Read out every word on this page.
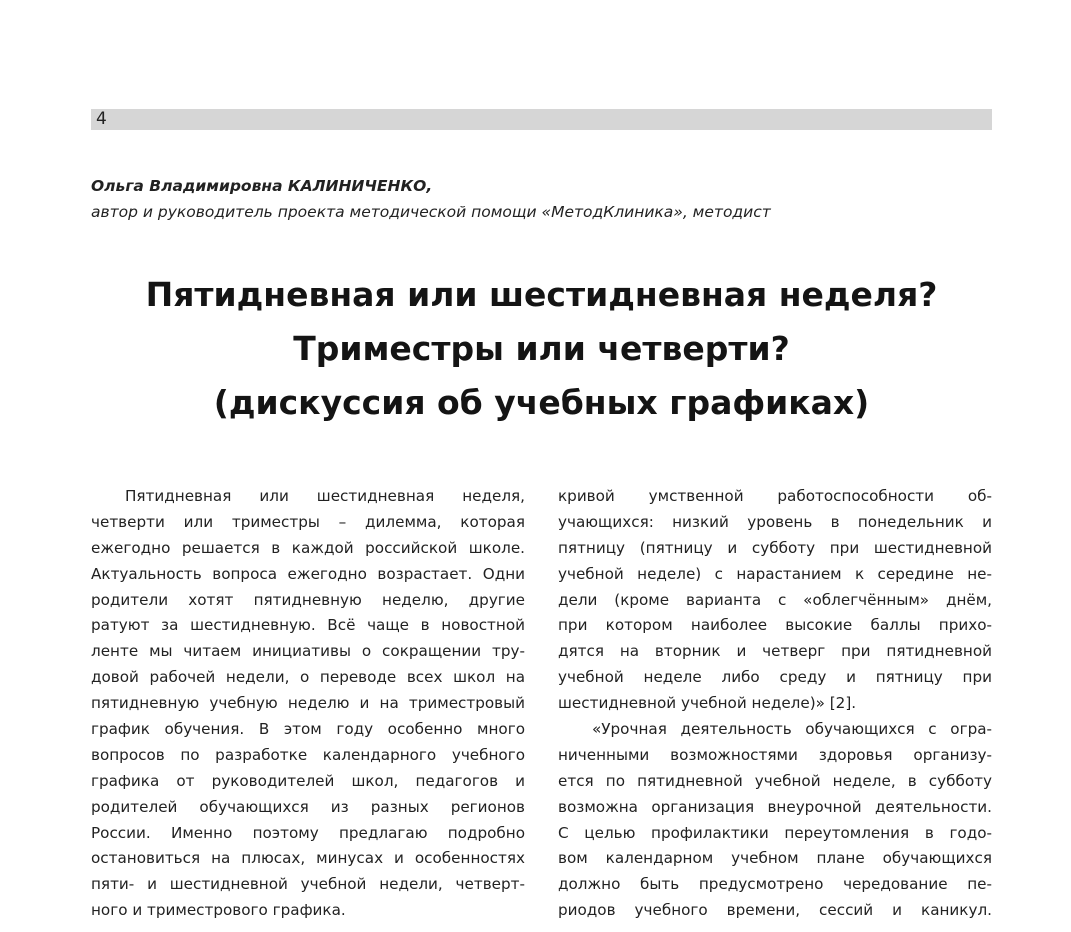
4
Ольга Владимировна КАЛИНИЧЕНКО,
автор и руководитель проекта методической помощи «МетодКлиника», методист
Пятидневная или шестидневная неделя?
Триместры или четверти?
(дискуссия об учебных графиках)
Пятидневная или шестидневная неделя,
четверти или триместры – дилемма, которая
ежегодно решается в каждой российской школе.
Актуальность вопроса ежегодно возрастает. Одни
родители хотят пятидневную неделю, другие
ратуют за шестидневную. Всё чаще в новостной
ленте мы читаем инициативы о сокращении тру-
довой рабочей недели, о переводе всех школ на
пятидневную учебную неделю и на триместровый
график обучения. В этом году особенно много
вопросов по разработке календарного учебного
графика от руководителей школ, педагогов и
родителей обучающихся из разных регионов
России. Именно поэтому предлагаю подробно
остановиться на плюсах, минусах и особенностях
пяти- и шестидневной учебной недели, четверт-
ного и триместрового графика.
кривой умственной работоспособности об-
учающихся: низкий уровень в понедельник и
пятницу (пятницу и субботу при шестидневной
учебной неделе) с нарастанием к середине не-
дели (кроме варианта с «облегчённым» днём,
при котором наиболее высокие баллы прихо-
дятся на вторник и четверг при пятидневной
учебной неделе либо среду и пятницу при
шестидневной учебной неделе)» [2].
«Урочная деятельность обучающихся с огра-
ниченными возможностями здоровья организу-
ется по пятидневной учебной неделе, в субботу
возможна организация внеурочной деятельности.
С целью профилактики переутомления в годо-
вом календарном учебном плане обучающихся
должно быть предусмотрено чередование пе-
риодов учебного времени, сессий и каникул.
